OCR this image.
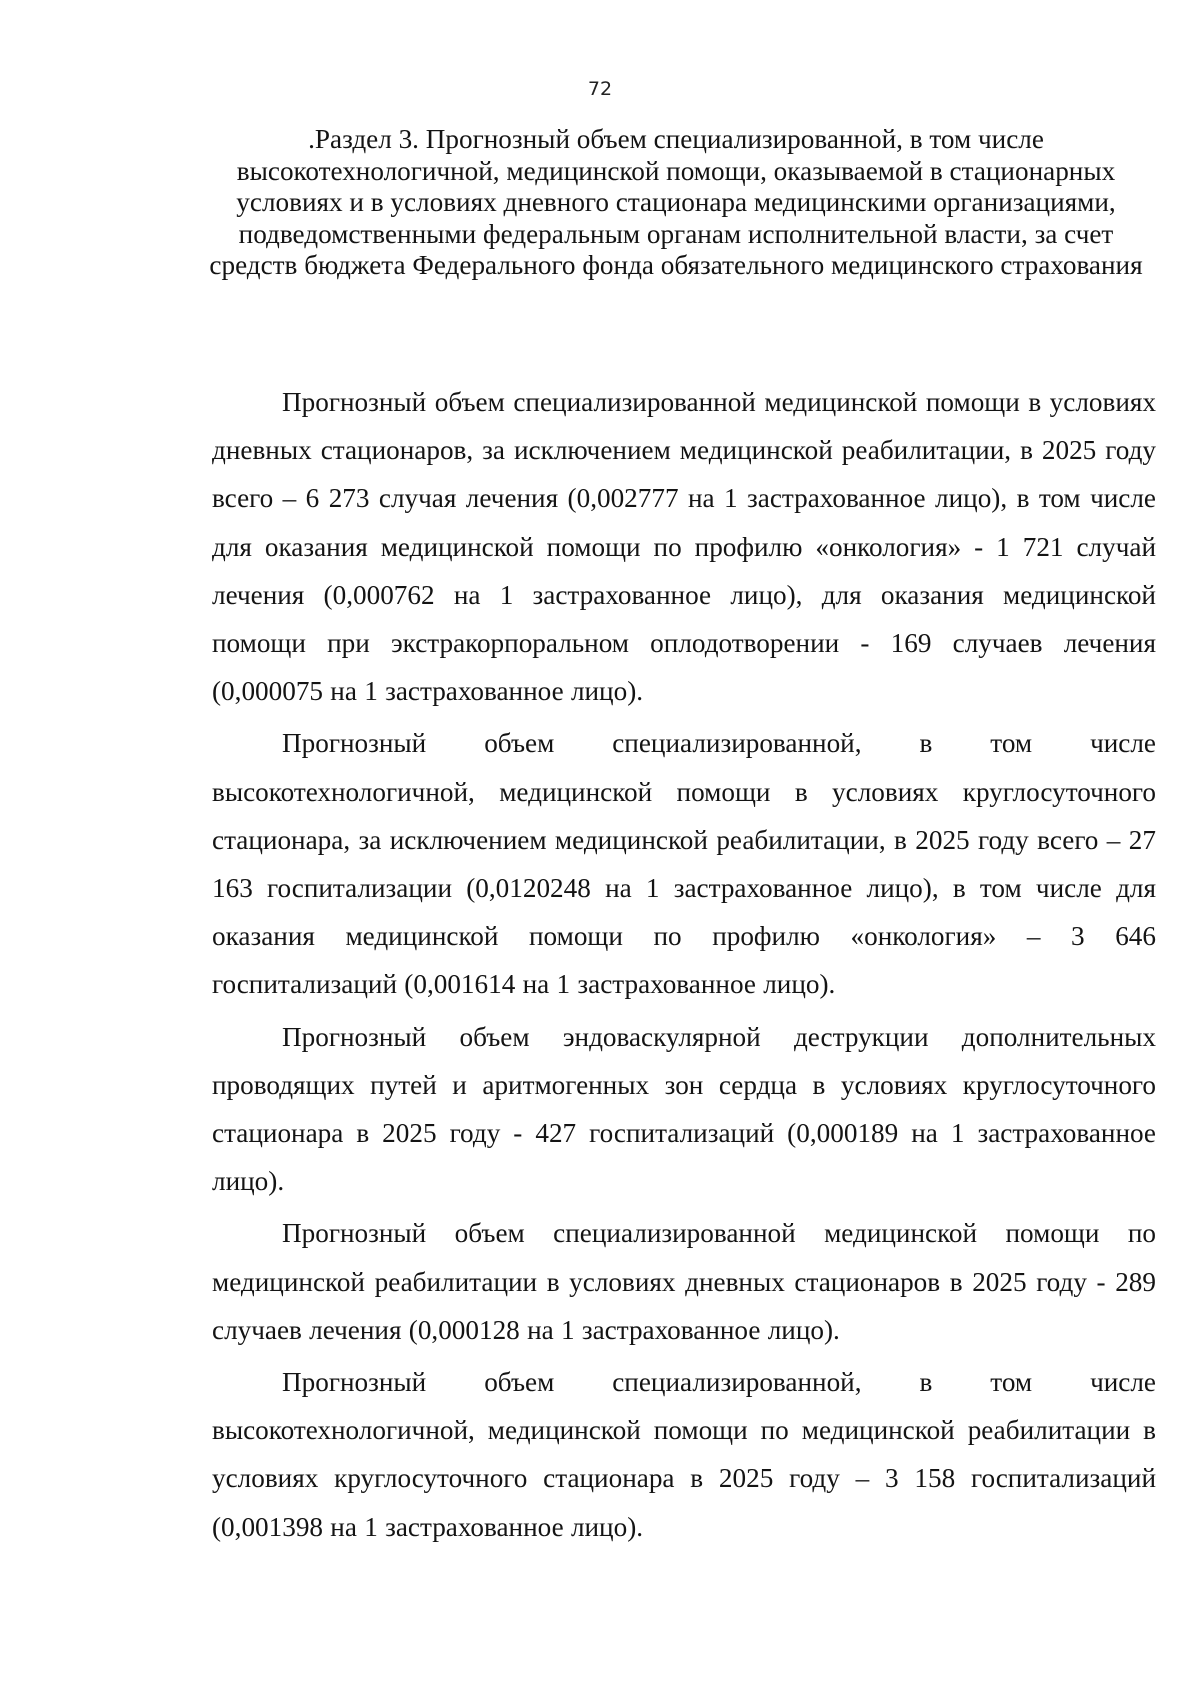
72
.Раздел 3. Прогнозный объем специализированной, в том числе высокотехнологичной, медицинской помощи, оказываемой в стационарных условиях и в условиях дневного стационара медицинскими организациями, подведомственными федеральным органам исполнительной власти, за счет средств бюджета Федерального фонда обязательного медицинского страхования

Прогнозный объем специализированной медицинской помощи в условиях дневных стационаров, за исключением медицинской реабилитации, в 2025 году всего – 6 273 случая лечения (0,002777 на 1 застрахованное лицо), в том числе для оказания медицинской помощи по профилю «онкология» - 1 721 случай лечения (0,000762 на 1 застрахованное лицо), для оказания медицинской помощи при экстракорпоральном оплодотворении - 169 случаев лечения (0,000075 на 1 застрахованное лицо).

Прогнозный объем специализированной, в том числе высокотехнологичной, медицинской помощи в условиях круглосуточного стационара, за исключением медицинской реабилитации, в 2025 году всего – 27 163 госпитализации (0,0120248 на 1 застрахованное лицо), в том числе для оказания медицинской помощи по профилю «онкология» – 3 646 госпитализаций (0,001614 на 1 застрахованное лицо).

Прогнозный объем эндоваскулярной деструкции дополнительных проводящих путей и аритмогенных зон сердца в условиях круглосуточного стационара в 2025 году - 427 госпитализаций (0,000189 на 1 застрахованное лицо).

Прогнозный объем специализированной медицинской помощи по медицинской реабилитации в условиях дневных стационаров в 2025 году - 289 случаев лечения (0,000128 на 1 застрахованное лицо).

Прогнозный объем специализированной, в том числе высокотехнологичной, медицинской помощи по медицинской реабилитации в условиях круглосуточного стационара в 2025 году – 3 158 госпитализаций (0,001398 на 1 застрахованное лицо).
